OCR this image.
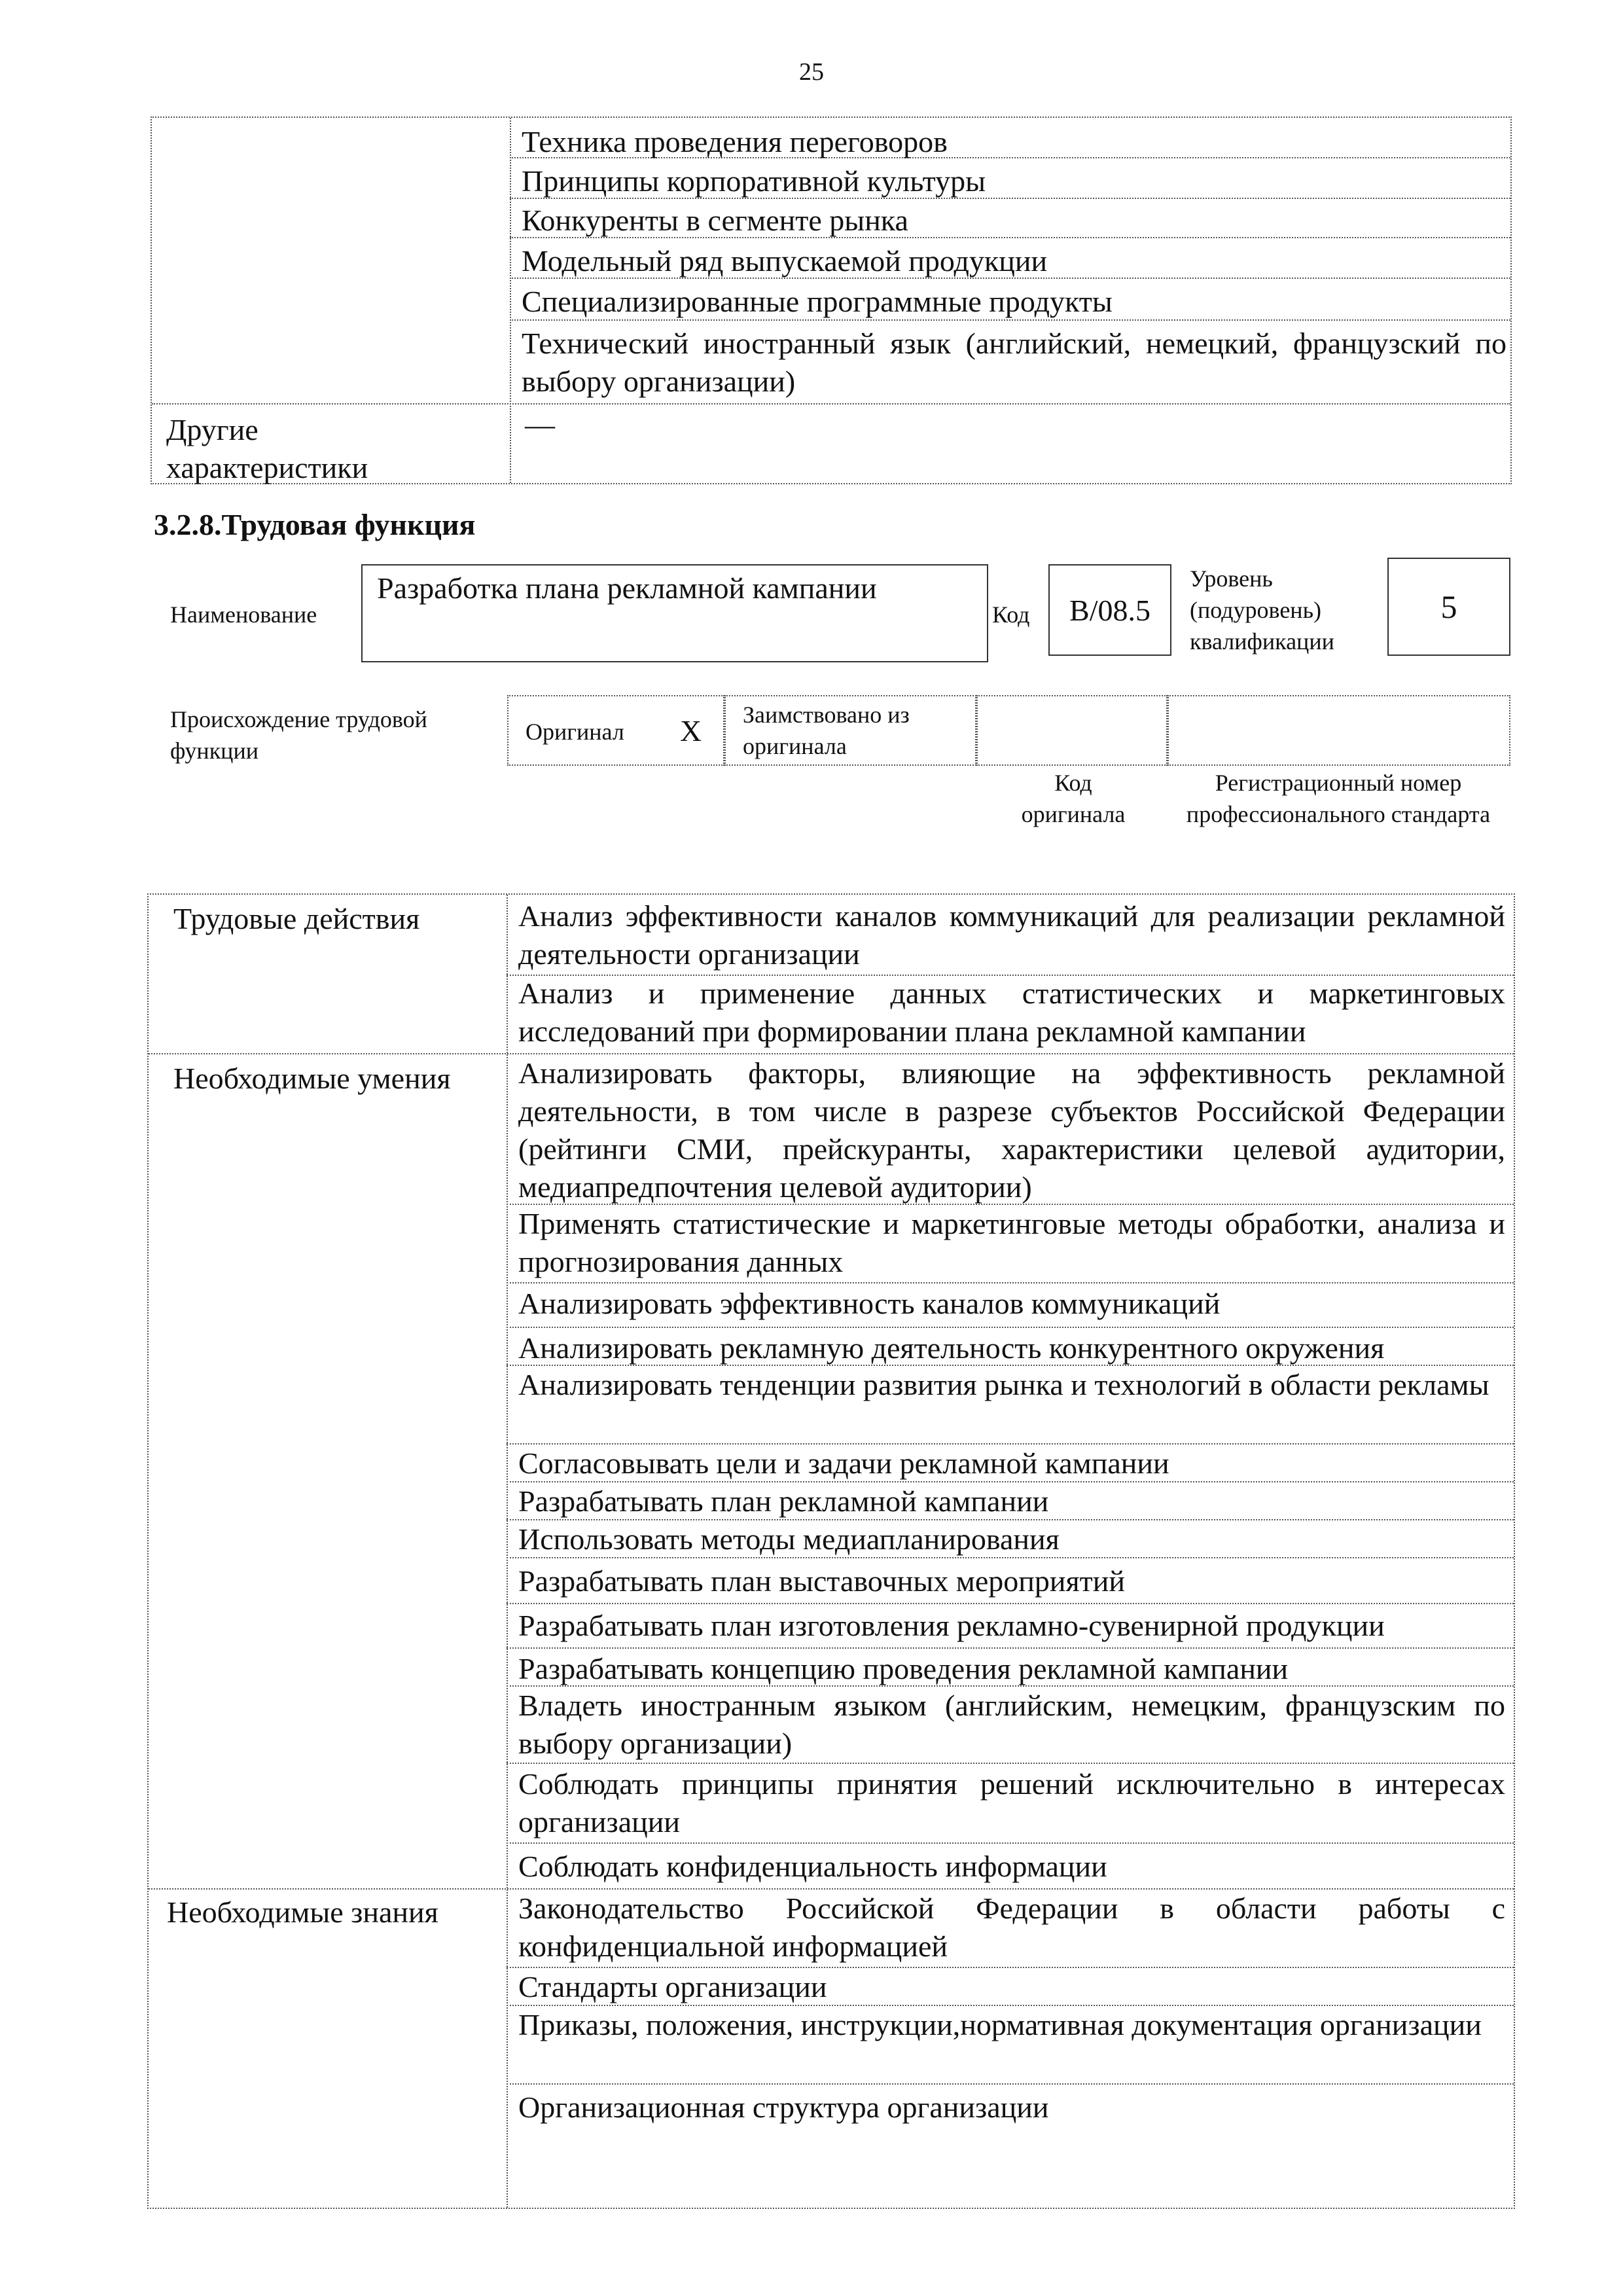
25
Техника проведения переговоров
Принципы корпоративной культуры
Конкуренты в сегменте рынка
Модельный ряд выпускаемой продукции
Специализированные программные продукты
Технический иностранный язык (английский, немецкий, французский по выбору организации)
Другие характеристики
—
3.2.8.Трудовая функция
Наименование
Разработка плана рекламной кампании
Код	В/08.5
Уровень (подуровень) квалификации
5
Происхождение трудовой функции
Оригинал X Заимствовано из оригинала
Код оригинала
Регистрационный номер профессионального стандарта
Трудовые действия
Необходимые умения
Необходимые знания
Анализ эффективности каналов коммуникаций для реализации рекламной деятельности организации
Анализ и применение данных статистических и маркетинговых исследований при формировании плана рекламной кампании
Анализировать факторы, влияющие на эффективность рекламной деятельности, в том числе в разрезе субъектов Российской Федерации (рейтинги СМИ, прейскуранты, характеристики целевой аудитории, медиапредпочтения целевой аудитории)
Применять статистические и маркетинговые методы обработки, анализа и прогнозирования данных
Анализировать эффективность каналов коммуникаций
Анализировать рекламную деятельность конкурентного окружения
Анализировать тенденции развития рынка и технологий в области рекламы
Согласовывать цели и задачи рекламной кампании
Разрабатывать план рекламной кампании
Использовать методы медиапланирования
Разрабатывать план выставочных мероприятий
Разрабатывать план изготовления рекламно-сувенирной продукции
Разрабатывать концепцию проведения рекламной кампании
Владеть иностранным языком (английским, немецким, французским по выбору организации)
Соблюдать принципы принятия решений исключительно в интересах организации
Соблюдать конфиденциальность информации
Законодательство Российской Федерации в области работы с конфиденциальной информацией
Стандарты организации
Приказы, положения, инструкции,нормативная документация организации
Организационная структура организации
